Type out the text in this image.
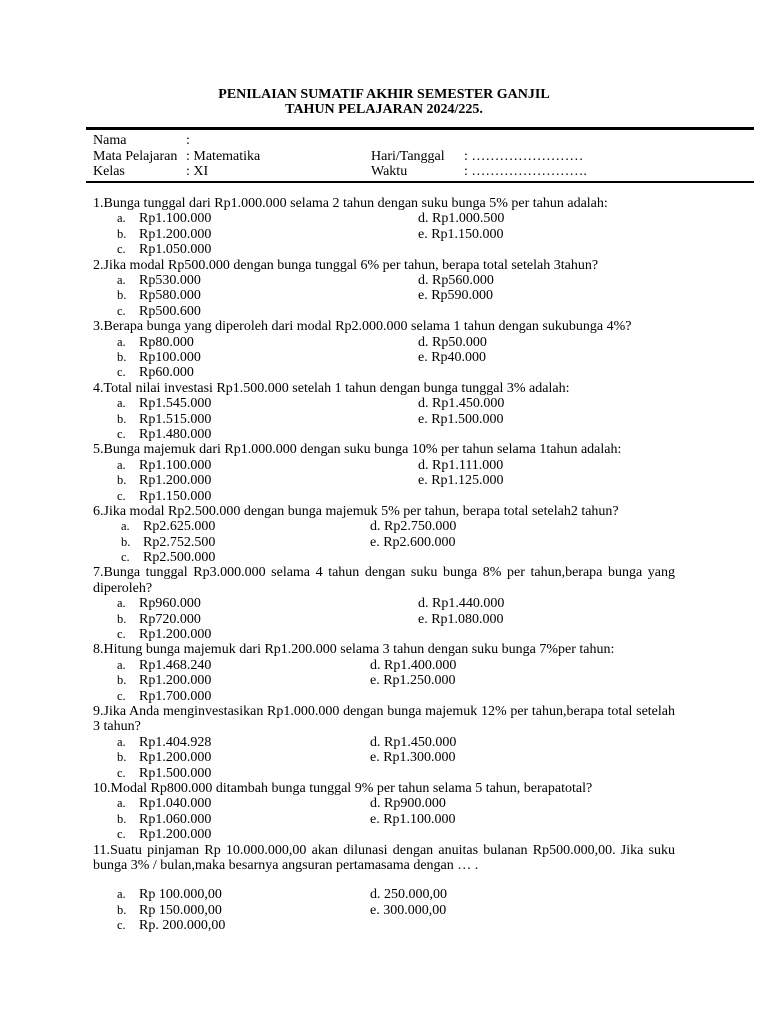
PENILAIAN SUMATIF AKHIR SEMESTER GANJIL
TAHUN PELAJARAN 2024/225.
Nama	:
Mata Pelajaran : Matematika	Hari/Tanggal : ……………………
Kelas	: XI	Waktu	: …………………….
1.Bunga tunggal dari Rp1.000.000 selama 2 tahun dengan suku bunga 5% per tahun adalah:
a. Rp1.100.000	d. Rp1.000.500
b. Rp1.200.000	e. Rp1.150.000
c. Rp1.050.000
2.Jika modal Rp500.000 dengan bunga tunggal 6% per tahun, berapa total setelah 3tahun?
a. Rp530.000	d. Rp560.000
b. Rp580.000	e. Rp590.000
c. Rp500.600
3.Berapa bunga yang diperoleh dari modal Rp2.000.000 selama 1 tahun dengan sukubunga 4%?
a. Rp80.000	d. Rp50.000
b. Rp100.000	e. Rp40.000
c. Rp60.000
4.Total nilai investasi Rp1.500.000 setelah 1 tahun dengan bunga tunggal 3% adalah:
a. Rp1.545.000	d. Rp1.450.000
b. Rp1.515.000	e. Rp1.500.000
c. Rp1.480.000
5.Bunga majemuk dari Rp1.000.000 dengan suku bunga 10% per tahun selama 1tahun adalah:
a. Rp1.100.000	d. Rp1.111.000
b. Rp1.200.000	e. Rp1.125.000
c. Rp1.150.000
6.Jika modal Rp2.500.000 dengan bunga majemuk 5% per tahun, berapa total setelah2 tahun?
a. Rp2.625.000	d. Rp2.750.000
b. Rp2.752.500	e. Rp2.600.000
c. Rp2.500.000
7.Bunga tunggal Rp3.000.000 selama 4 tahun dengan suku bunga 8% per tahun,berapa bunga yang diperoleh?
a. Rp960.000	d. Rp1.440.000
b. Rp720.000	e. Rp1.080.000
c. Rp1.200.000
8.Hitung bunga majemuk dari Rp1.200.000 selama 3 tahun dengan suku bunga 7%per tahun:
a. Rp1.468.240	d. Rp1.400.000
b. Rp1.200.000	e. Rp1.250.000
c. Rp1.700.000
9.Jika Anda menginvestasikan Rp1.000.000 dengan bunga majemuk 12% per tahun,berapa total setelah 3 tahun?
a. Rp1.404.928	d. Rp1.450.000
b. Rp1.200.000	e. Rp1.300.000
c. Rp1.500.000
10.Modal Rp800.000 ditambah bunga tunggal 9% per tahun selama 5 tahun, berapatotal?
a. Rp1.040.000	d. Rp900.000
b. Rp1.060.000	e. Rp1.100.000
c. Rp1.200.000
11.Suatu pinjaman Rp 10.000.000,00 akan dilunasi dengan anuitas bulanan Rp500.000,00. Jika suku bunga 3% / bulan,maka besarnya angsuran pertamasama dengan … .
a. Rp 100.000,00	d. 250.000,00
b. Rp 150.000,00	e. 300.000,00
c. Rp. 200.000,00
